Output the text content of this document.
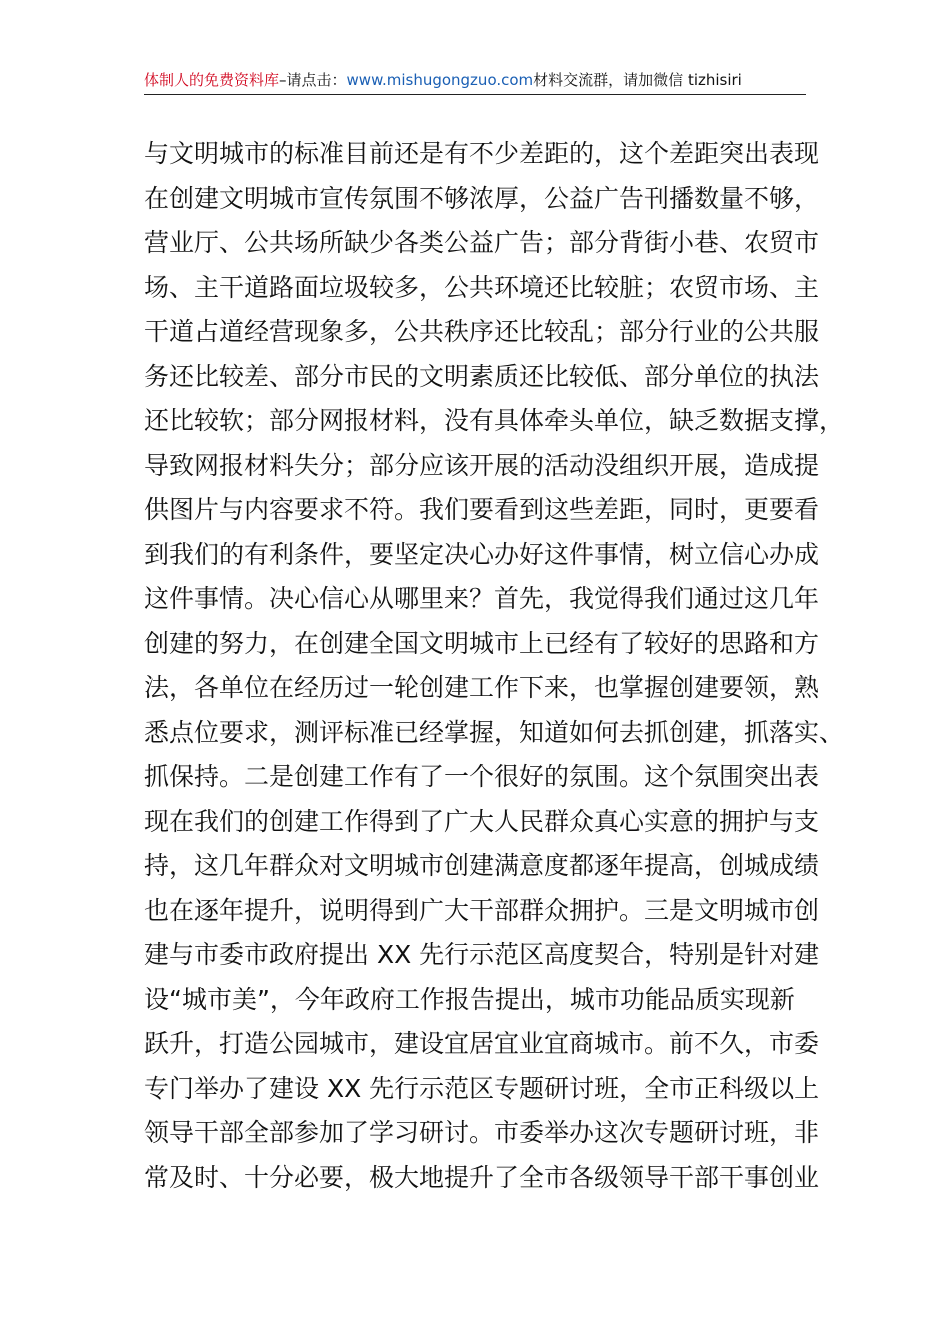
体制人的免费资料库–请点击：www.mishugongzuo.com材料交流群，请加微信 tizhisiri
与文明城市的标准目前还是有不少差距的，这个差距突出表现
在创建文明城市宣传氛围不够浓厚，公益广告刊播数量不够，
营业厅、公共场所缺少各类公益广告；部分背街小巷、农贸市
场、主干道路面垃圾较多，公共环境还比较脏；农贸市场、主
干道占道经营现象多，公共秩序还比较乱；部分行业的公共服
务还比较差、部分市民的文明素质还比较低、部分单位的执法
还比较软；部分网报材料，没有具体牵头单位，缺乏数据支撑，
导致网报材料失分；部分应该开展的活动没组织开展，造成提
供图片与内容要求不符。我们要看到这些差距，同时，更要看
到我们的有利条件，要坚定决心办好这件事情，树立信心办成
这件事情。决心信心从哪里来？首先，我觉得我们通过这几年
创建的努力，在创建全国文明城市上已经有了较好的思路和方
法，各单位在经历过一轮创建工作下来，也掌握创建要领，熟
悉点位要求，测评标准已经掌握，知道如何去抓创建，抓落实、
抓保持。二是创建工作有了一个很好的氛围。这个氛围突出表
现在我们的创建工作得到了广大人民群众真心实意的拥护与支
持，这几年群众对文明城市创建满意度都逐年提高，创城成绩
也在逐年提升，说明得到广大干部群众拥护。三是文明城市创
建与市委市政府提出 XX 先行示范区高度契合，特别是针对建
设“城市美”，今年政府工作报告提出，城市功能品质实现新
跃升，打造公园城市，建设宜居宜业宜商城市。前不久，市委
专门举办了建设 XX 先行示范区专题研讨班，全市正科级以上
领导干部全部参加了学习研讨。市委举办这次专题研讨班，非
常及时、十分必要，极大地提升了全市各级领导干部干事创业
